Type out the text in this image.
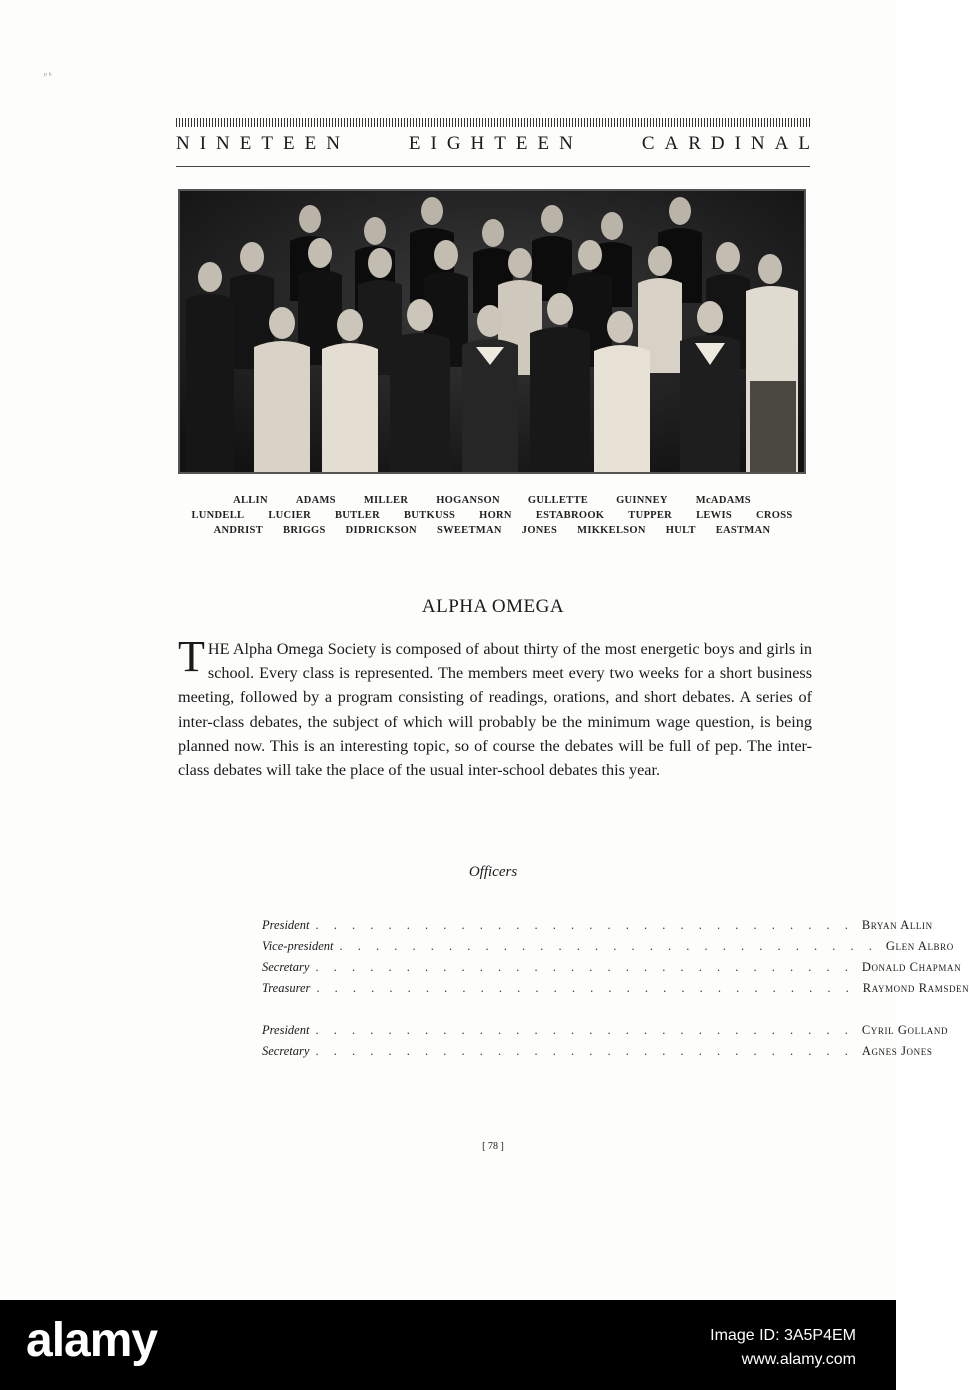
ᵖ ᵏ
NINETEEN	EIGHTEEN	CARDINAL
ALLIN	ADAMS	MILLER	HOGANSON	GULLETTE	GUINNEY	McADAMS
LUNDELL LUCIER BUTLER BUTKUSS HORN ESTABROOK TUPPER LEWIS CROSS
ANDRIST BRIGGS DIDRICKSON SWEETMAN JONES MIKKELSON HULT EASTMAN
ALPHA OMEGA
THE Alpha Omega Society is composed of about thirty of the most energetic boys and girls in school. Every class is represented. The members meet every two weeks for a short business meeting, followed by a program consisting of readings, orations, and short debates. A series of inter-class debates, the subject of which will probably be the minimum wage question, is being planned now. This is an interesting topic, so of course the debates will be full of pep. The inter-class debates will take the place of the usual inter-school debates this year.
Officers
President . . . . . . . . . . . . . . . . . . . . . . . . . . . . . . Bryan Allin
Vice-president . . . . . . . . . . . . . . . . . . . . . . . . . . . . . . Glen Albro
Secretary . . . . . . . . . . . . . . . . . . . . . . . . . . . . . . Donald Chapman
Treasurer . . . . . . . . . . . . . . . . . . . . . . . . . . . . . . Raymond Ramsden
President . . . . . . . . . . . . . . . . . . . . . . . . . . . . . . Cyril Golland
Secretary . . . . . . . . . . . . . . . . . . . . . . . . . . . . . . Agnes Jones
[ 78 ]
alamy	Image ID: 3A5P4EM
www.alamy.com
